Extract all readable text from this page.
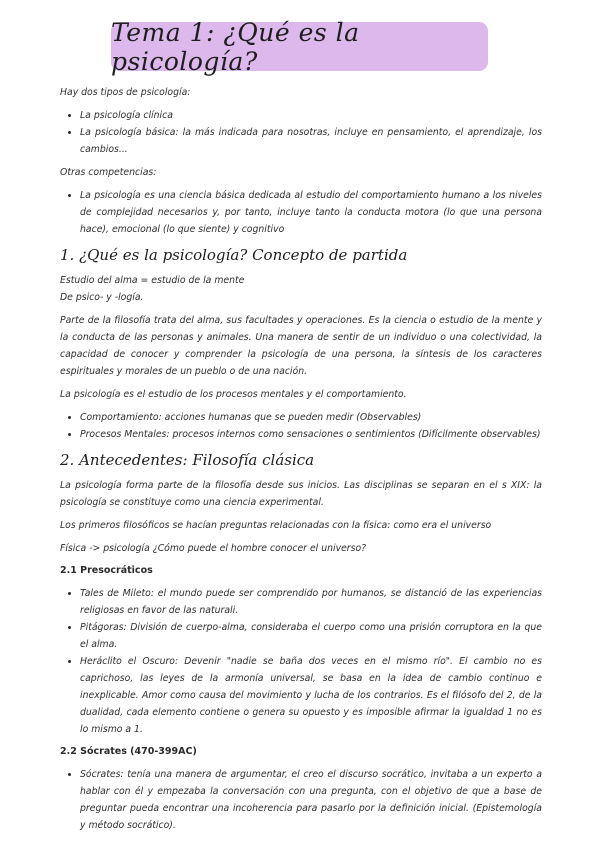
Tema 1: ¿Qué es la psicología?

Hay dos tipos de psicología:

• La psicología clínica
• La psicología básica: la más indicada para nosotras, incluye en pensamiento, el aprendizaje, los cambios...

Otras competencias:

• La psicología es una ciencia básica dedicada al estudio del comportamiento humano a los niveles de complejidad necesarios y, por tanto, incluye tanto la conducta motora (lo que una persona hace), emocional (lo que siente) y cognitivo
1. ¿Qué es la psicología? Concepto de partida

Estudio del alma = estudio de la mente

De psico- y -logía.

Parte de la filosofía trata del alma, sus facultades y operaciones. Es la ciencia o estudio de la mente y la conducta de las personas y animales. Una manera de sentir de un individuo o una colectividad, la capacidad de conocer y comprender la psicología de una persona, la síntesis de los caracteres espirituales y morales de un pueblo o de una nación.

La psicología es el estudio de los procesos mentales y el comportamiento.

• Comportamiento: acciones humanas que se pueden medir (Observables)
• Procesos Mentales: procesos internos como sensaciones o sentimientos (Difícilmente observables)
2. Antecedentes: Filosofía clásica

La psicología forma parte de la filosofía desde sus inicios. Las disciplinas se separan en el s XIX: la psicología se constituye como una ciencia experimental.

Los primeros filosóficos se hacían preguntas relacionadas con la física: como era el universo

Física -> psicología ¿Cómo puede el hombre conocer el universo?

2.1 Presocráticos
• Tales de Mileto: el mundo puede ser comprendido por humanos, se distanció de las experiencias religiosas en favor de las naturali.
• Pitágoras: División de cuerpo-alma, consideraba el cuerpo como una prisión corruptora en la que el alma.
• Heráclito el Oscuro: Devenir "nadie se baña dos veces en el mismo río". El cambio no es caprichoso, las leyes de la armonía universal, se basa en la idea de cambio continuo e inexplicable. Amor como causa del movimiento y lucha de los contrarios. Es el filósofo del 2, de la dualidad, cada elemento contiene o genera su opuesto y es imposible afirmar la igualdad 1 no es lo mismo a 1.
2.2 Sócrates (470-399AC)
• Sócrates: tenía una manera de argumentar, el creo el discurso socrático, invitaba a un experto a hablar con él y empezaba la conversación con una pregunta, con el objetivo de que a base de preguntar pueda encontrar una incoherencia para pasarlo por la definición inicial. (Epistemología y método socrático).
